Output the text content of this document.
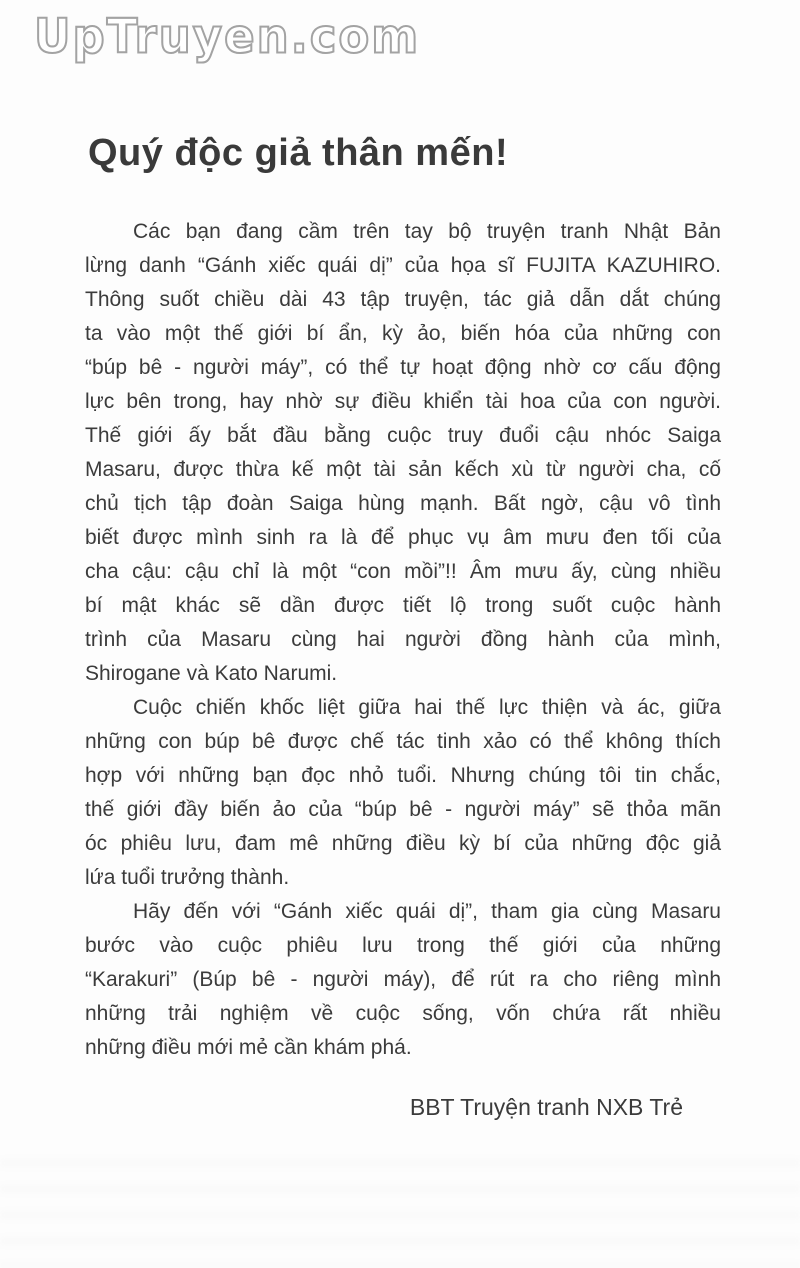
UpTruyen.com
Quý độc giả thân mến!
Các bạn đang cầm trên tay bộ truyện tranh Nhật Bản
lừng danh “Gánh xiếc quái dị” của họa sĩ FUJITA KAZUHIRO.
Thông suốt chiều dài 43 tập truyện, tác giả dẫn dắt chúng
ta vào một thế giới bí ẩn, kỳ ảo, biến hóa của những con
“búp bê - người máy”, có thể tự hoạt động nhờ cơ cấu động
lực bên trong, hay nhờ sự điều khiển tài hoa của con người.
Thế giới ấy bắt đầu bằng cuộc truy đuổi cậu nhóc Saiga
Masaru, được thừa kế một tài sản kếch xù từ người cha, cố
chủ tịch tập đoàn Saiga hùng mạnh. Bất ngờ, cậu vô tình
biết được mình sinh ra là để phục vụ âm mưu đen tối của
cha cậu: cậu chỉ là một “con mồi”!! Âm mưu ấy, cùng nhiều
bí mật khác sẽ dần được tiết lộ trong suốt cuộc hành
trình của Masaru cùng hai người đồng hành của mình,
Shirogane và Kato Narumi.
Cuộc chiến khốc liệt giữa hai thế lực thiện và ác, giữa
những con búp bê được chế tác tinh xảo có thể không thích
hợp với những bạn đọc nhỏ tuổi. Nhưng chúng tôi tin chắc,
thế giới đầy biến ảo của “búp bê - người máy” sẽ thỏa mãn
óc phiêu lưu, đam mê những điều kỳ bí của những độc giả
lứa tuổi trưởng thành.
Hãy đến với “Gánh xiếc quái dị”, tham gia cùng Masaru
bước vào cuộc phiêu lưu trong thế giới của những
“Karakuri” (Búp bê - người máy), để rút ra cho riêng mình
những trải nghiệm về cuộc sống, vốn chứa rất nhiều
những điều mới mẻ cần khám phá.
BBT Truyện tranh NXB Trẻ
